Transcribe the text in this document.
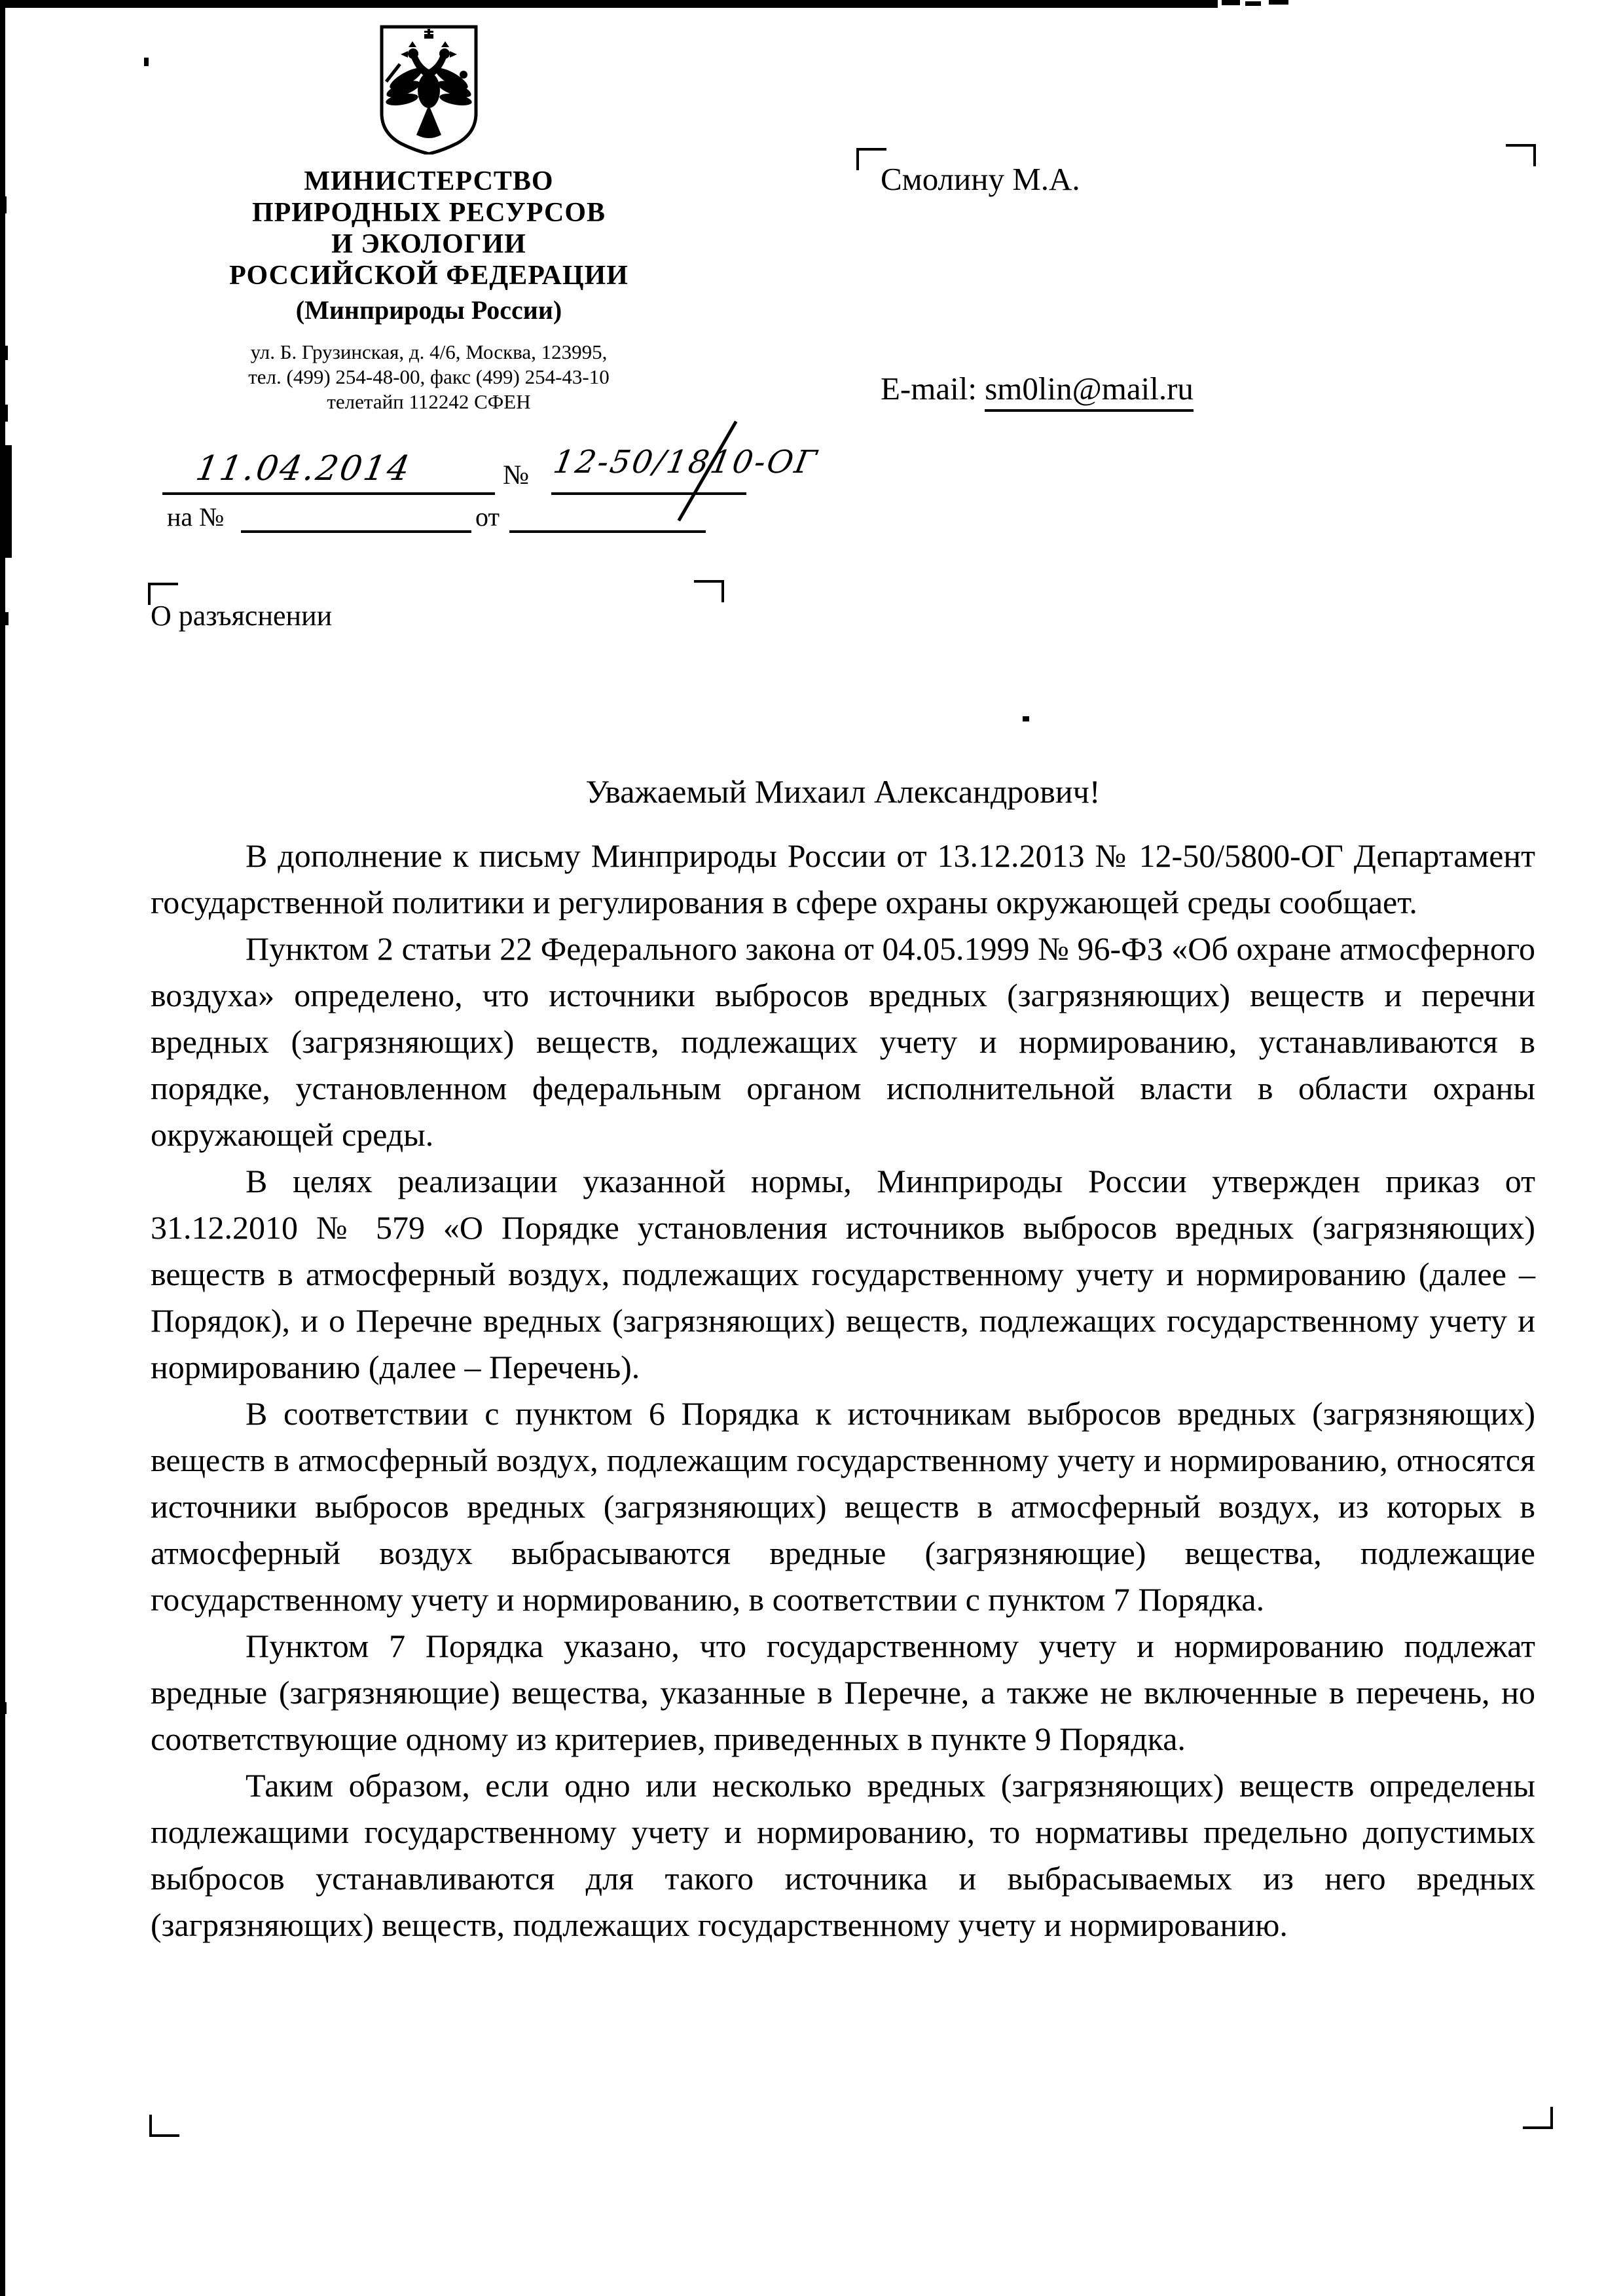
МИНИСТЕРСТВО
ПРИРОДНЫХ РЕСУРСОВ
И ЭКОЛОГИИ
РОССИЙСКОЙ ФЕДЕРАЦИИ
(Минприроды России)
ул. Б. Грузинская, д. 4/6, Москва, 123995,
тел. (499) 254-48-00, факс (499) 254-43-10
телетайп 112242 СФЕН
11.04.2014	№ 12-50/1810-ОГ
на №	от
Смолину М.А.
E-mail: sm0lin@mail.ru
О разъяснении
Уважаемый Михаил Александрович!

В дополнение к письму Минприроды России от 13.12.2013 № 12-50/5800-ОГ Департамент государственной политики и регулирования в сфере охраны окружающей среды сообщает.

Пунктом 2 статьи 22 Федерального закона от 04.05.1999 № 96-ФЗ «Об охране атмосферного воздуха» определено, что источники выбросов вредных (загрязняющих) веществ и перечни вредных (загрязняющих) веществ, подлежащих учету и нормированию, устанавливаются в порядке, установленном федеральным органом исполнительной власти в области охраны окружающей среды.

В целях реализации указанной нормы, Минприроды России утвержден приказ от 31.12.2010 № 579 «О Порядке установления источников выбросов вредных (загрязняющих) веществ в атмосферный воздух, подлежащих государственному учету и нормированию (далее – Порядок), и о Перечне вредных (загрязняющих) веществ, подлежащих государственному учету и нормированию (далее – Перечень).

В соответствии с пунктом 6 Порядка к источникам выбросов вредных (загрязняющих) веществ в атмосферный воздух, подлежащим государственному учету и нормированию, относятся источники выбросов вредных (загрязняющих) веществ в атмосферный воздух, из которых в атмосферный воздух выбрасываются вредные (загрязняющие) вещества, подлежащие государственному учету и нормированию, в соответствии с пунктом 7 Порядка.

Пунктом 7 Порядка указано, что государственному учету и нормированию подлежат вредные (загрязняющие) вещества, указанные в Перечне, а также не включенные в перечень, но соответствующие одному из критериев, приведенных в пункте 9 Порядка.

Таким образом, если одно или несколько вредных (загрязняющих) веществ определены подлежащими государственному учету и нормированию, то нормативы предельно допустимых выбросов устанавливаются для такого источника и выбрасываемых из него вредных (загрязняющих) веществ, подлежащих государственному учету и нормированию.
